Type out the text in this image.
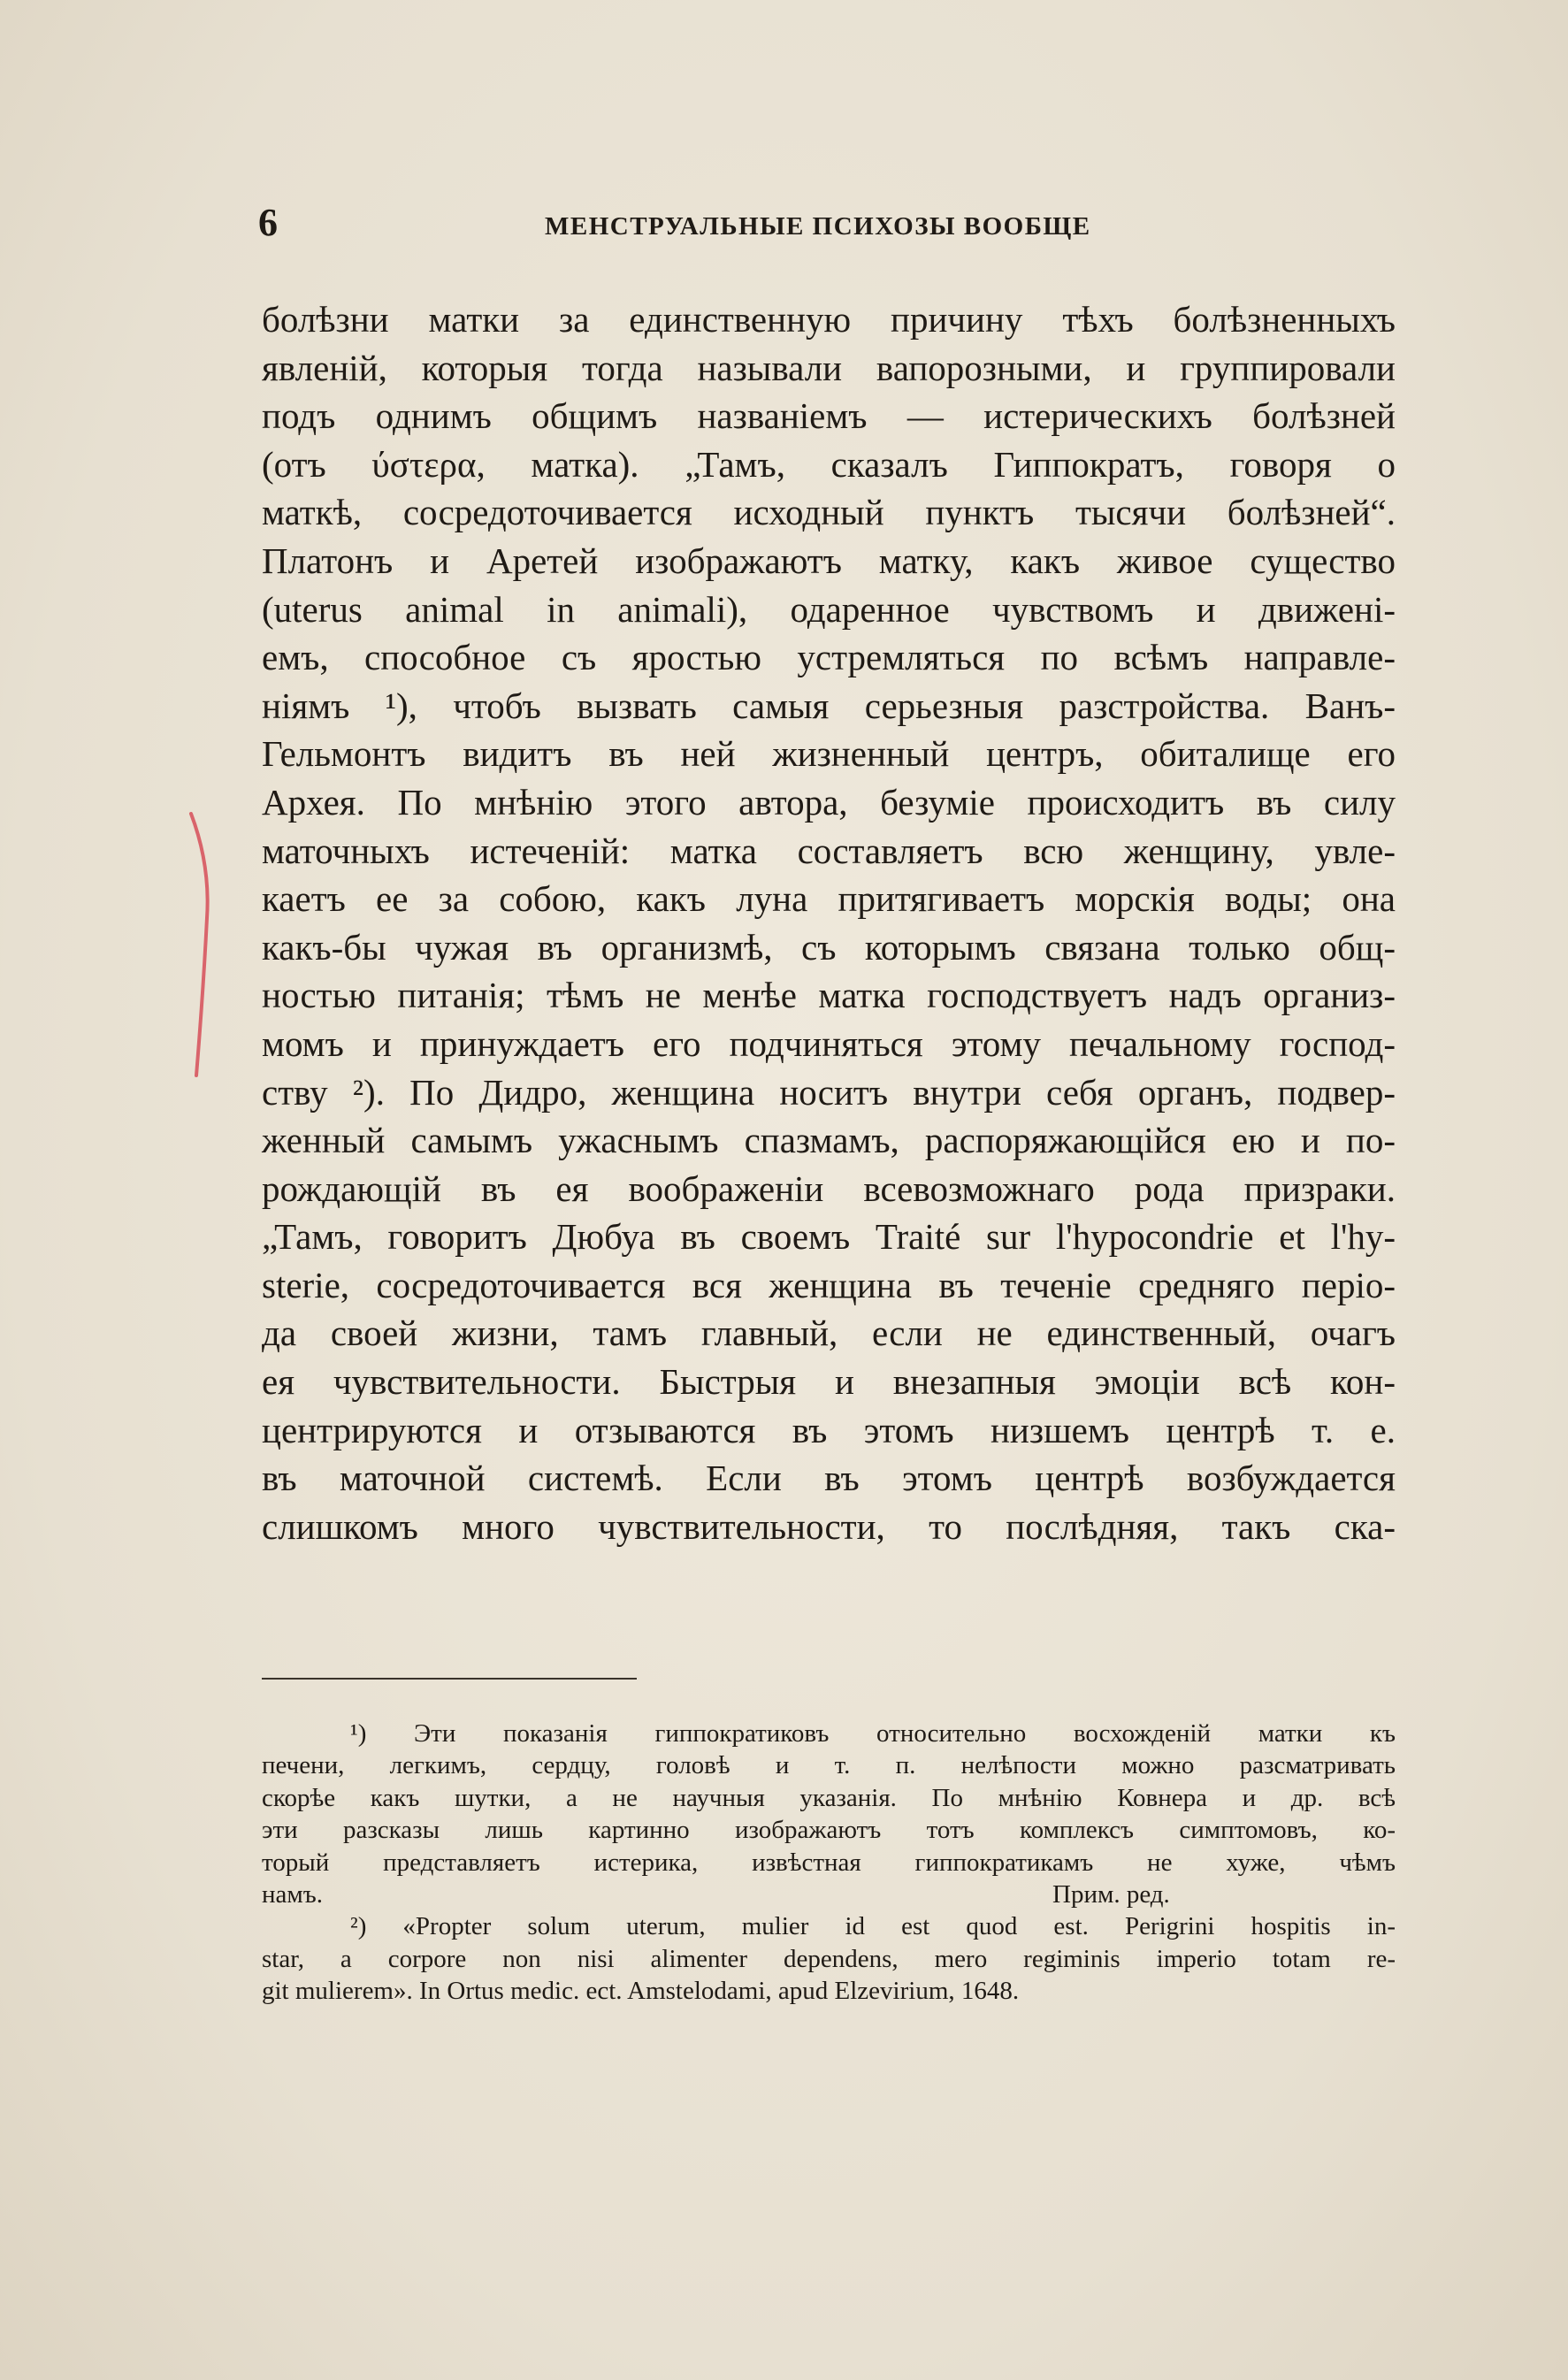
6	МЕНСТРУАЛЬНЫЕ ПСИХОЗЫ ВООБЩЕ
болѣзни матки за единственную причину тѣхъ болѣзненныхъ
явленій, которыя тогда называли вапорозными, и группировали
подъ однимъ общимъ названіемъ — истерическихъ болѣзней
(отъ ύστερα, матка). „Тамъ, сказалъ Гиппократъ, говоря о
маткѣ, сосредоточивается исходный пунктъ тысячи болѣзней“.
Платонъ и Аретей изображаютъ матку, какъ живое существо
(uterus animal in animali), одаренное чувствомъ и движені-
емъ, способное съ яростью устремляться по всѣмъ направле-
ніямъ ¹), чтобъ вызвать самыя серьезныя разстройства. Ванъ-
Гельмонтъ видитъ въ ней жизненный центръ, обиталище его
Архея. По мнѣнію этого автора, безуміе происходитъ въ силу
маточныхъ истеченій: матка составляетъ всю женщину, увле-
каетъ ее за собою, какъ луна притягиваетъ морскія воды; она
какъ-бы чужая въ организмѣ, съ которымъ связана только общ-
ностью питанія; тѣмъ не менѣе матка господствуетъ надъ организ-
момъ и принуждаетъ его подчиняться этому печальному господ-
ству ²). По Дидро, женщина носитъ внутри себя органъ, подвер-
женный самымъ ужаснымъ спазмамъ, распоряжающійся ею и по-
рождающій въ ея воображеніи всевозможнаго рода призраки.
„Тамъ, говоритъ Дюбуа въ своемъ Traité sur l'hypocondrie et l'hy-
sterie, сосредоточивается вся женщина въ теченіе средняго періо-
да своей жизни, тамъ главный, если не единственный, очагъ
ея чувствительности. Быстрыя и внезапныя эмоціи всѣ кон-
центрируются и отзываются въ этомъ низшемъ центрѣ т. е.
въ маточной системѣ. Если въ этомъ центрѣ возбуждается
слишкомъ много чувствительности, то послѣдняя, такъ ска-
¹) Эти показанія гиппократиковъ относительно восхожденій матки къ
печени, легкимъ, сердцу, головѣ и т. п. нелѣпости можно разсматривать
скорѣе какъ шутки, а не научныя указанія. По мнѣнію Ковнера и др. всѣ
эти разсказы лишь картинно изображаютъ тотъ комплексъ симптомовъ, ко-
торый представляетъ истерика, извѣстная гиппократикамъ не хуже, чѣмъ
намъ.	Прим. ред.
²) «Propter solum uterum, mulier id est quod est. Perigrini hospitis in-
star, a corpore non nisi alimenter dependens, mero regiminis imperio totam re-
git mulierem». In Ortus medic. ect. Amstelodami, apud Elzevirium, 1648.
